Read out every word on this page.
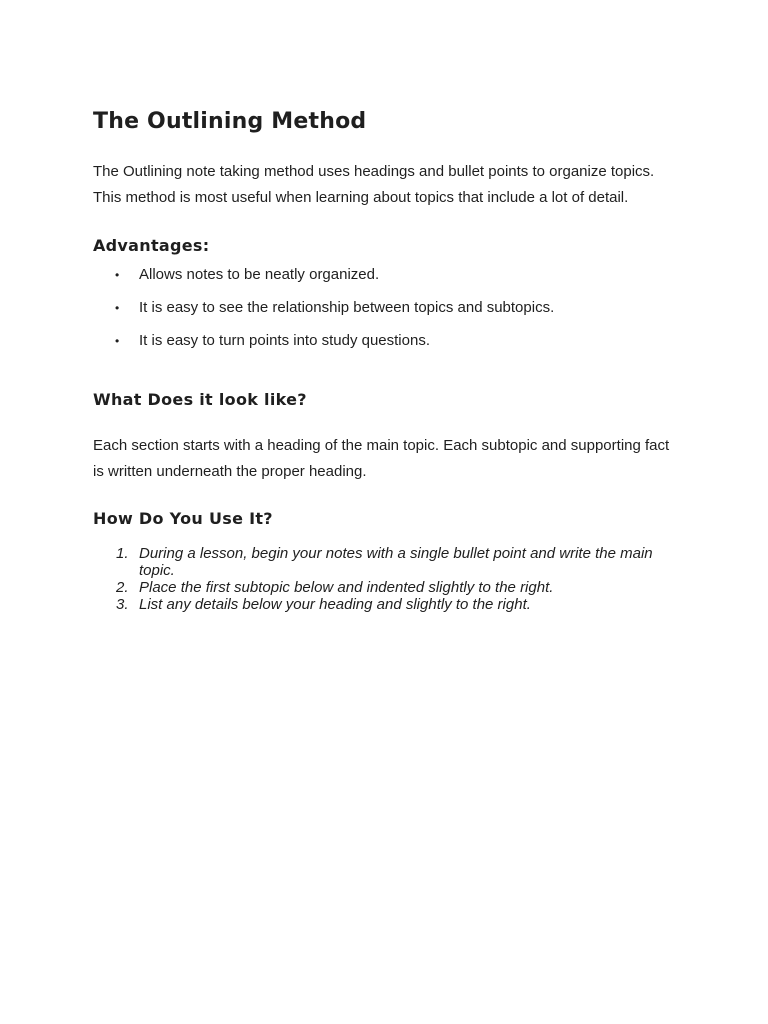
The Outlining Method

The Outlining note taking method uses headings and bullet points to organize topics. This method is most useful when learning about topics that include a lot of detail.

Advantages:
• Allows notes to be neatly organized.
• It is easy to see the relationship between topics and subtopics.
• It is easy to turn points into study questions.
What Does it look like?

Each section starts with a heading of the main topic. Each subtopic and supporting fact is written underneath the proper heading.

How Do You Use It?
1. During a lesson, begin your notes with a single bullet point and write the main topic.
2. Place the first subtopic below and indented slightly to the right.
3. List any details below your heading and slightly to the right.
